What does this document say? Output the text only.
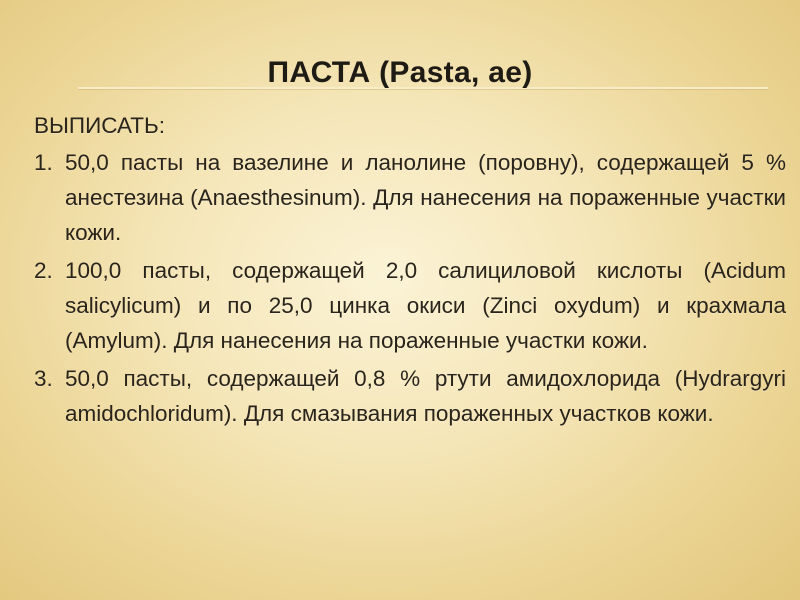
ПАСТА (Pasta, ae)
ВЫПИСАТЬ:
1. 50,0 пасты на вазелине и ланолине (поровну), содержащей 5 % анестезина (Anaesthesinum). Для нанесения на пораженные участки кожи.
2. 100,0 пасты, содержащей 2,0 салициловой кислоты (Acidum salicylicum) и по 25,0 цинка окиси (Zinci oxydum) и крахмала (Amylum). Для нанесения на пораженные участки кожи.
3. 50,0 пасты, содержащей 0,8 % ртути амидохлорида (Hydrargyri amidochloridum). Для смазывания пораженных участков кожи.
